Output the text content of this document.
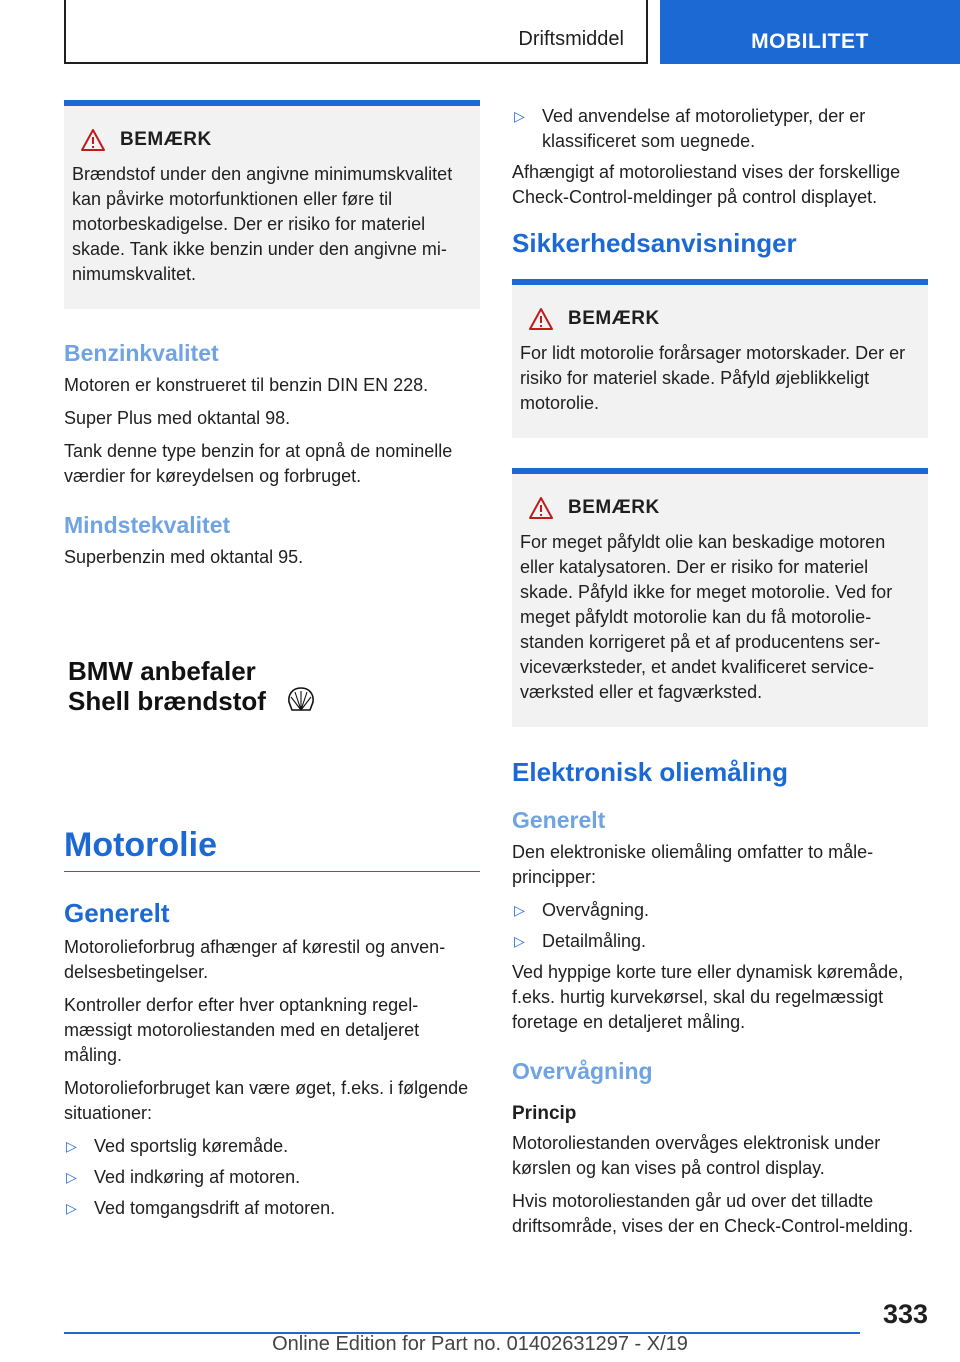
Driftsmiddel	MOBILITET
BEMÆRK

Brændstof under den angivne minimumskvalitet kan påvirke motorfunktionen eller føre til motorbeskadigelse. Der er risiko for materiel skade. Tank ikke benzin under den angivne minimumskvalitet.

Benzinkvalitet

Motoren er konstrueret til benzin DIN EN 228.

Super Plus med oktantal 98.

Tank denne type benzin for at opnå de nominelle værdier for køreydelsen og forbruget.

Mindstekvalitet

Superbenzin med oktantal 95.

BMW anbefaler
Shell brændstof
Motorolie
Generelt

Motorolieforbrug afhænger af kørestil og anvendelsesbetingelser.

Kontroller derfor efter hver optankning regelmæssigt motoroliestanden med en detaljeret måling.

Motorolieforbruget kan være øget, f.eks. i følgende situationer:

▷ Ved sportslig køremåde.
▷ Ved indkøring af motoren.
▷ Ved tomgangsdrift af motoren.
▷ Ved anvendelse af motorolietyper, der er klassificeret som uegnede.

Afhængigt af motoroliestand vises der forskellige Check-Control-meldinger på control displayet.

Sikkerhedsanvisninger
BEMÆRK

For lidt motorolie forårsager motorskader. Der er risiko for materiel skade. Påfyld øjeblikkeligt motorolie.

BEMÆRK

For meget påfyldt olie kan beskadige motoren eller katalysatoren. Der er risiko for materiel skade. Påfyld ikke for meget motorolie. Ved for meget påfyldt motorolie kan du få motoroliestanden korrigeret på et af producentens serviceværksteder, et andet kvalificeret serviceværksted eller et fagværksted.

Elektronisk oliemåling
Generelt

Den elektroniske oliemåling omfatter to måleprincipper:

▷ Overvågning.
▷ Detailmåling.

Ved hyppige korte ture eller dynamisk køremåde, f.eks. hurtig kurvekørsel, skal du regelmæssigt foretage en detaljeret måling.

Overvågning
Princip

Motoroliestanden overvåges elektronisk under kørslen og kan vises på control display.

Hvis motoroliestanden går ud over det tilladte driftsområde, vises der en Check-Control-melding.

333
Online Edition for Part no. 01402631297 - X/19
